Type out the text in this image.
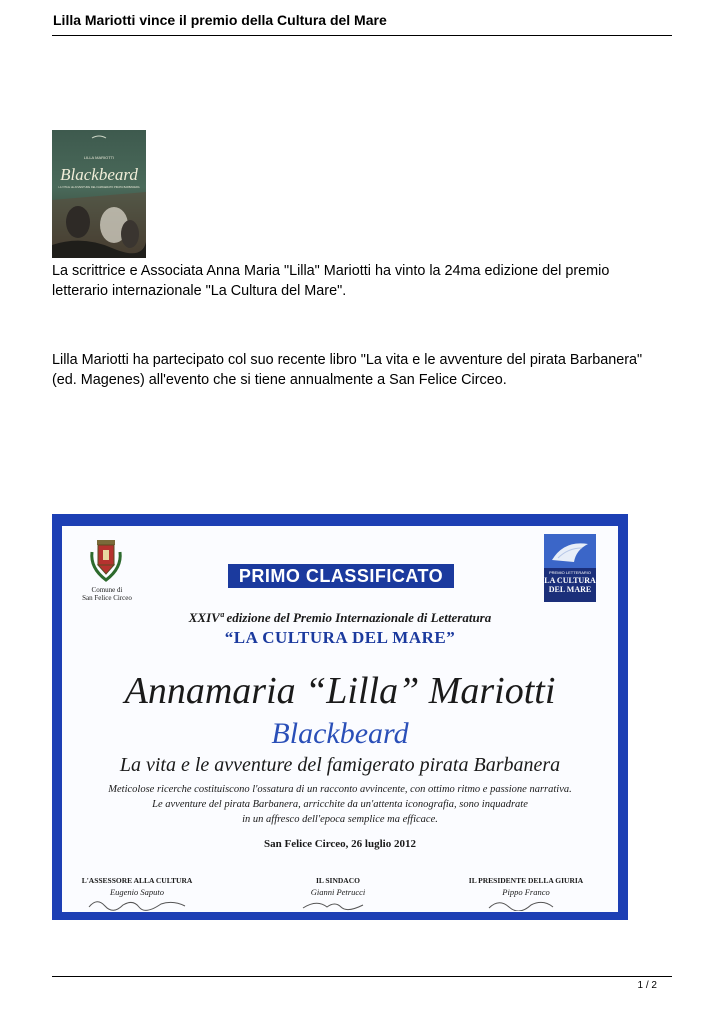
Lilla Mariotti vince il premio della Cultura del Mare
LILLA MARIOTTI
Blackbeard
LA VITA E LE AVVENTURE DEL FAMIGERATO PIRATA BARBANERA

La scrittrice e Associata Anna Maria "Lilla" Mariotti ha vinto la 24ma edizione del premio
letterario internazionale "La Cultura del Mare".

Lilla Mariotti ha partecipato col suo recente libro "La vita e le avventure del pirata Barbanera"
(ed. Magenes) all'evento che si tiene annualmente a San Felice Circeo.

Comune di
San Felice Circeo
PREMIO LETTERARIO
LA CULTURA
DEL MARE
PRIMO CLASSIFICATO
XXIVª edizione del Premio Internazionale di Letteratura
“LA CULTURA DEL MARE”
Annamaria “Lilla” Mariotti
Blackbeard
La vita e le avventure del famigerato pirata Barbanera
Meticolose ricerche costituiscono l'ossatura di un racconto avvincente, con ottimo ritmo e passione narrativa.
Le avventure del pirata Barbanera, arricchite da un'attenta iconografia, sono inquadrate
in un affresco dell'epoca semplice ma efficace.
San Felice Circeo, 26 luglio 2012
L'ASSESSORE ALLA CULTURA
Eugenio Saputo
IL SINDACO
Gianni Petrucci
IL PRESIDENTE DELLA GIURIA
Pippo Franco
1 / 2
